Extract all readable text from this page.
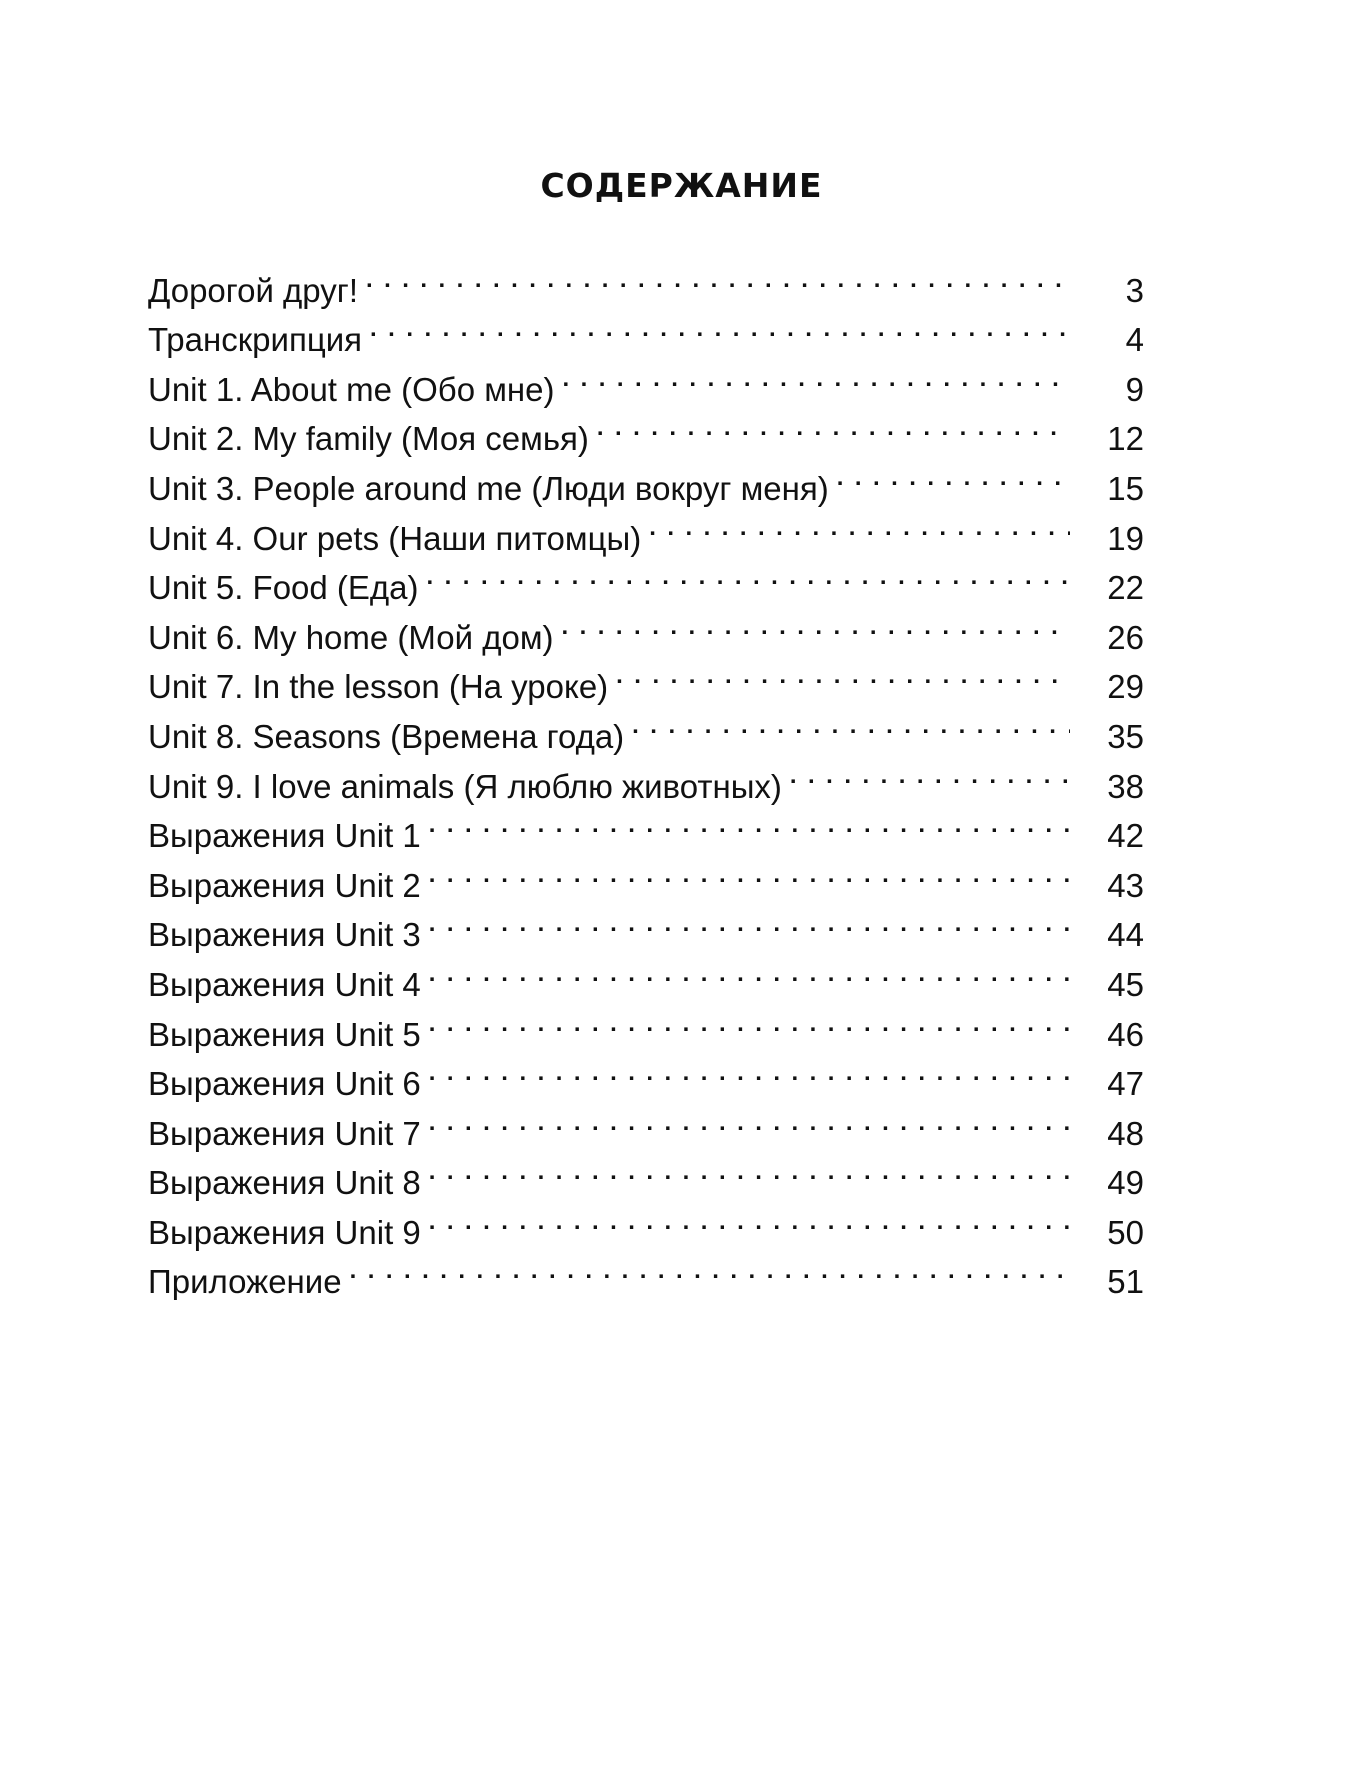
СОДЕРЖАНИЕ
Дорогой друг! . . .	3
Транскрипция . . .	4
Unit 1. About me (Обо мне) . . .	9
Unit 2. My family (Моя семья) . . .	12
Unit 3. People around me (Люди вокруг меня) . . .	15
Unit 4. Our pets (Наши питомцы) . . .	19
Unit 5. Food (Еда) . . .	22
Unit 6. My home (Мой дом) . . .	26
Unit 7. In the lesson (На уроке) . . .	29
Unit 8. Seasons (Времена года) . . .	35
Unit 9. I love animals (Я люблю животных) . . .	38
Выражения Unit 1 . . .	42
Выражения Unit 2 . . .	43
Выражения Unit 3 . . .	44
Выражения Unit 4 . . .	45
Выражения Unit 5 . . .	46
Выражения Unit 6 . . .	47
Выражения Unit 7 . . .	48
Выражения Unit 8 . . .	49
Выражения Unit 9 . . .	50
Приложение . . .	51
